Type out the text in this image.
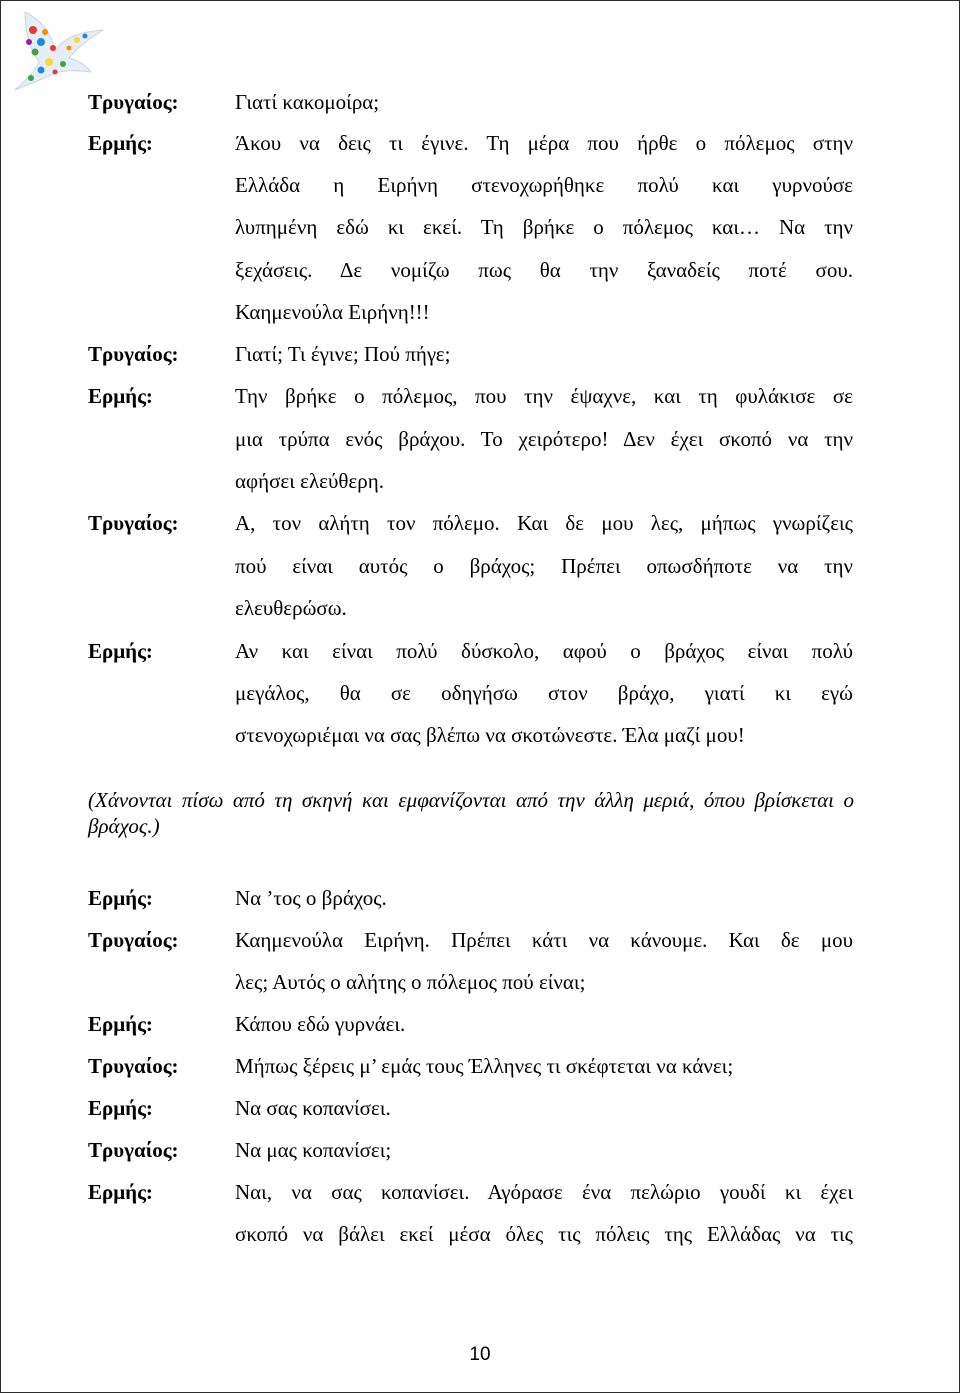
Τρυγαίος:	Γιατί κακομοίρα;
Ερμής:	Άκου να δεις τι έγινε. Τη μέρα που ήρθε ο πόλεμος στην
Ελλάδα η Ειρήνη στενοχωρήθηκε πολύ και γυρνούσε
λυπημένη εδώ κι εκεί. Τη βρήκε ο πόλεμος και… Να την
ξεχάσεις. Δε νομίζω πως θα την ξαναδείς ποτέ σου.
Καημενούλα Ειρήνη!!!
Τρυγαίος:	Γιατί; Τι έγινε; Πού πήγε;
Ερμής:	Την βρήκε ο πόλεμος, που την έψαχνε, και τη φυλάκισε σε
μια τρύπα ενός βράχου. Το χειρότερο! Δεν έχει σκοπό να την
αφήσει ελεύθερη.
Τρυγαίος:	Α, τον αλήτη τον πόλεμο. Και δε μου λες, μήπως γνωρίζεις
πού είναι αυτός ο βράχος; Πρέπει οπωσδήποτε να την
ελευθερώσω.
Ερμής:	Αν και είναι πολύ δύσκολο, αφού ο βράχος είναι πολύ
μεγάλος, θα σε οδηγήσω στον βράχο, γιατί κι εγώ
στενοχωριέμαι να σας βλέπω να σκοτώνεστε. Έλα μαζί μου!
(Χάνονται πίσω από τη σκηνή και εμφανίζονται από την άλλη μεριά, όπου βρίσκεται ο βράχος.)
Ερμής:	Να ’τος ο βράχος.
Τρυγαίος:	Καημενούλα Ειρήνη. Πρέπει κάτι να κάνουμε. Και δε μου
λες; Αυτός ο αλήτης ο πόλεμος πού είναι;
Ερμής:	Κάπου εδώ γυρνάει.
Τρυγαίος:	Μήπως ξέρεις μ’ εμάς τους Έλληνες τι σκέφτεται να κάνει;
Ερμής:	Να σας κοπανίσει.
Τρυγαίος:	Να μας κοπανίσει;
Ερμής:	Ναι, να σας κοπανίσει. Αγόρασε ένα πελώριο γουδί κι έχει
σκοπό να βάλει εκεί μέσα όλες τις πόλεις της Ελλάδας να τις
10
